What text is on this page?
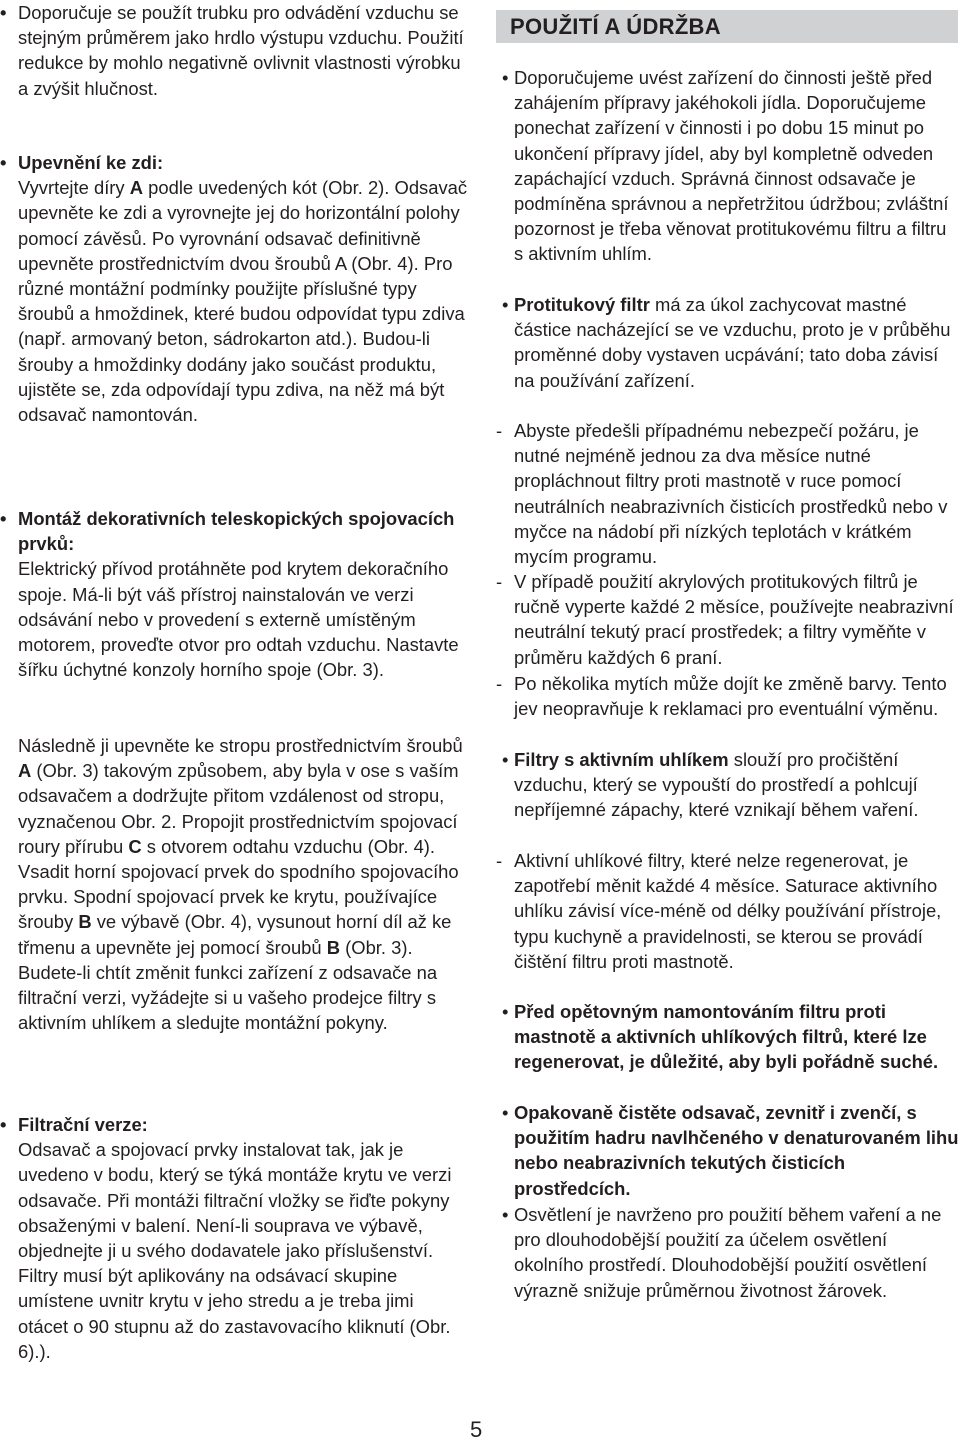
• Doporučuje se použít trubku pro odvádění vzduchu se stejným průměrem jako hrdlo výstupu vzduchu. Použití redukce by mohlo negativně ovlivnit vlastnosti výrobku a zvýšit hlučnost.
• Upevnění ke zdi:
Vyvrtejte díry A podle uvedených kót (Obr. 2). Odsavač upevněte ke zdi a vyrovnejte jej do horizontální polohy pomocí závěsů. Po vyrovnání odsavač definitivně upevněte prostřednictvím dvou šroubů A (Obr. 4). Pro různé montážní podmínky použijte příslušné typy šroubů a hmoždinek, které budou odpovídat typu zdiva (např. armovaný beton, sádrokarton atd.). Budou-li šrouby a hmoždinky dodány jako součást produktu, ujistěte se, zda odpovídají typu zdiva, na něž má být odsavač namontován.
• Montáž dekorativních teleskopických spojovacích prvků:
Elektrický přívod protáhněte pod krytem dekoračního spoje. Má-li být váš přístroj nainstalován ve verzi odsávání nebo v provedení s externě umístěným motorem, proveďte otvor pro odtah vzduchu. Nastavte šířku úchytné konzoly horního spoje (Obr. 3).
Následně ji upevněte ke stropu prostřednictvím šroubů A (Obr. 3) takovým způsobem, aby byla v ose s vaším odsavačem a dodržujte přitom vzdálenost od stropu, vyznačenou Obr. 2. Propojit prostřednictvím spojovací roury přírubu C s otvorem odtahu vzduchu (Obr. 4). Vsadit horní spojovací prvek do spodního spojovacího prvku. Spodní spojovací prvek ke krytu, používajíce šrouby B ve výbavě (Obr. 4), vysunout horní díl až ke třmenu a upevněte jej pomocí šroubů B (Obr. 3). Budete-li chtít změnit funkci zařízení z odsavače na filtrační verzi, vyžádejte si u vašeho prodejce filtry s aktivním uhlíkem a sledujte montážní pokyny.
• Filtrační verze:
Odsavač a spojovací prvky instalovat tak, jak je uvedeno v bodu, který se týká montáže krytu ve verzi odsavače. Při montáži filtrační vložky se řiďte pokyny obsaženými v balení. Není-li souprava ve výbavě, objednejte ji u svého dodavatele jako příslušenství. Filtry musí být aplikovány na odsávací skupine umístene uvnitr krytu v jeho stredu a je treba jimi otácet o 90 stupnu až do zastavovacího kliknutí (Obr. 6).).
POUŽITÍ A ÚDRŽBA
• Doporučujeme uvést zařízení do činnosti ještě před zahájením přípravy jakéhokoli jídla. Doporučujeme ponechat zařízení v činnosti i po dobu 15 minut po ukončení přípravy jídel, aby byl kompletně odveden zapáchající vzduch. Správná činnost odsavače je podmíněna správnou a nepřetržitou údržbou; zvláštní pozornost je třeba věnovat protitukovému filtru a filtru s aktivním uhlím.
• Protitukový filtr má za úkol zachycovat mastné částice nacházející se ve vzduchu, proto je v průběhu proměnné doby vystaven ucpávání; tato doba závisí na používání zařízení.
- Abyste předešli případnému nebezpečí požáru, je nutné nejméně jednou za dva měsíce nutné propláchnout filtry proti mastnotě v ruce pomocí neutrálních neabrazivních čisticích prostředků nebo v myčce na nádobí při nízkých teplotách v krátkém mycím programu.
- V případě použití akrylových protitukových filtrů je ručně vyperte každé 2 měsíce, používejte neabrazivní neutrální tekutý prací prostředek; a filtry vyměňte v průměru každých 6 praní.
- Po několika mytích může dojít ke změně barvy. Tento jev neopravňuje k reklamaci pro eventuální výměnu.
• Filtry s aktivním uhlíkem slouží pro pročištění vzduchu, který se vypouští do prostředí a pohlcují nepříjemné zápachy, které vznikají během vaření.
- Aktivní uhlíkové filtry, které nelze regenerovat, je zapotřebí měnit každé 4 měsíce. Saturace aktivního uhlíku závisí více-méně od délky používání přístroje, typu kuchyně a pravidelnosti, se kterou se provádí čištění filtru proti mastnotě.
• Před opětovným namontováním filtru proti mastnotě a aktivních uhlíkových filtrů, které lze regenerovat, je důležité, aby byli pořádně suché.
• Opakovaně čistěte odsavač, zevnitř i zvenčí, s použitím hadru navlhčeného v denaturovaném lihu nebo neabrazivních tekutých čisticích prostředcích.
• Osvětlení je navrženo pro použití během vaření a ne pro dlouhodobější použití za účelem osvětlení okolního prostředí. Dlouhodobější použití osvětlení výrazně snižuje průměrnou životnost žárovek.
5
